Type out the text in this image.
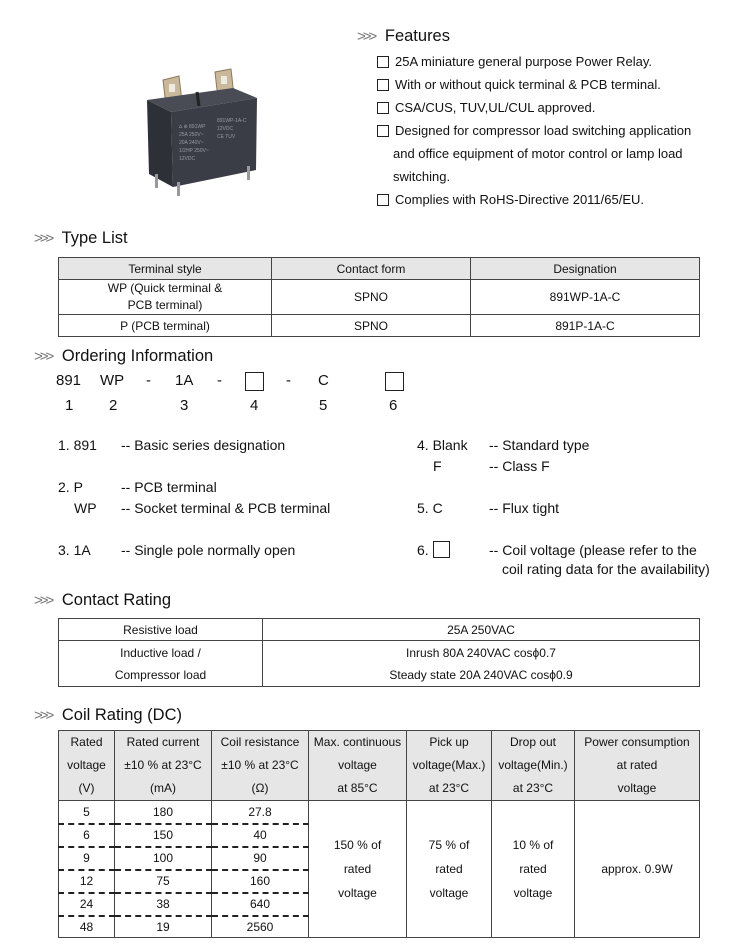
∆ ⊕ 891WP
25A 250V~
20A 240V~
1/2HP 250V~
12VDC
891WP-1A-C
12VDC
CE TUV
>>> Features
25A miniature general purpose Power Relay.
With or without quick terminal & PCB terminal.
CSA/CUS, TUV,UL/CUL approved.
Designed for compressor load switching application
and office equipment of motor control or lamp load
switching.
Complies with RoHS-Directive 2011/65/EU.
>>> Type List
Terminal style	Contact form	Designation
WP (Quick terminal &
PCB terminal)	SPNO	891WP-1A-C
P (PCB terminal)	SPNO	891P-1A-C
>>> Ordering Information
891 WP - 1A -	- C
1 2	3	4	5	6
1. 891 -- Basic series designation
2. P	-- PCB terminal
WP -- Socket terminal & PCB terminal
3. 1A -- Single pole normally open
4. Blank -- Standard type
F	-- Class F
5. C	-- Flux tight
6.	-- Coil voltage (please refer to the
coil rating data for the availability)
>>> Contact Rating
Resistive load	25A 250VAC
Inductive load /
Compressor load	Inrush 80A 240VAC cosϕ0.7
Steady state 20A 240VAC cosϕ0.9
>>> Coil Rating (DC)
Rated
voltage
(V)	Rated current
±10 % at 23°C
(mA)	Coil resistance
±10 % at 23°C
(Ω)	Max. continuous
voltage
at 85°C	Pick up
voltage(Max.)
at 23°C	Drop out
voltage(Min.)
at 23°C	Power consumption
at rated
voltage
5	180	27.8	150 % of
rated
voltage	75 % of
rated
voltage	10 % of
rated
voltage	approx. 0.9W
6	150	40				
9	100	90				
12	75	160				
24	38	640				
48	19	2560				
